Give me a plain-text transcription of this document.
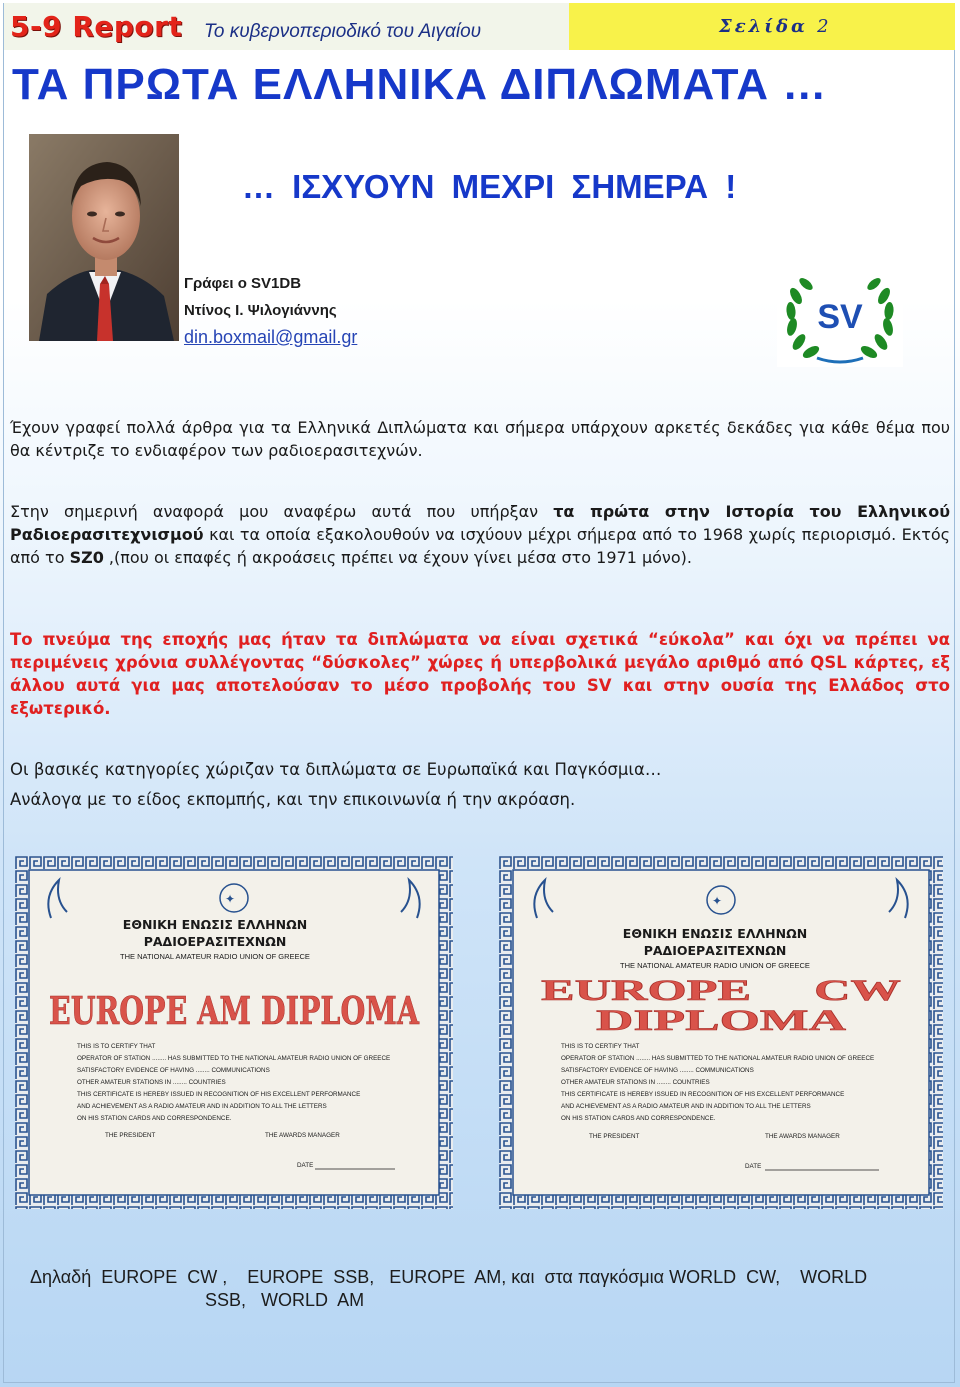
5-9 Report Το κυβερνοπεριοδικό του Αιγαίου	Σελίδα 2
ΤΑ ΠΡΩΤΑ ΕΛΛΗΝΙΚΑ ΔΙΠΛΩΜΑΤΑ …
… ΙΣΧΥΟΥΝ ΜΕΧΡΙ ΣΗΜΕΡΑ !
Γράφει ο SV1DB
Ντίνος Ι. Ψιλογιάννης
din.boxmail@gmail.gr
SV
Έχουν γραφεί πολλά άρθρα για τα Ελληνικά Διπλώματα και σήμερα υπάρχουν αρκετές δεκάδες για κάθε θέμα που θα κέντριζε το ενδιαφέρον των ραδιοερασιτεχνών.
Στην σημερινή αναφορά μου αναφέρω αυτά που υπήρξαν τα πρώτα στην Ιστορία του Ελληνικού Ραδιοερασιτεχνισμού και τα οποία εξακολουθούν να ισχύουν μέχρι σήμερα από το 1968 χωρίς περιορισμό. Εκτός από το SZ0 ,(που οι επαφές ή ακροάσεις πρέπει να έχουν γίνει μέσα στο 1971 μόνο).
Το πνεύμα της εποχής μας ήταν τα διπλώματα να είναι σχετικά “εύκολα” και όχι να πρέπει να περιμένεις χρόνια συλλέγοντας “δύσκολες” χώρες ή υπερβολικά μεγάλο αριθμό από QSL κάρτες, εξ άλλου αυτά για μας αποτελούσαν το μέσο προβολής του SV και στην ουσία της Ελλάδος στο εξωτερικό.
Οι βασικές κατηγορίες χώριζαν τα διπλώματα σε Ευρωπαϊκά και Παγκόσμια…
Ανάλογα με το είδος εκπομπής, και την επικοινωνία ή την ακρόαση.
✦
ΕΘΝΙΚΗ ΕΝΩΣΙΣ ΕΛΛΗΝΩΝ
ΡΑΔΙΟΕΡΑΣΙΤΕΧΝΩΝ
THE NATIONAL AMATEUR RADIO UNION OF GREECE
EUROPE AM DIPLOMA
THIS IS TO CERTIFY THAT
OPERATOR OF STATION ........ HAS SUBMITTED TO THE NATIONAL AMATEUR RADIO UNION OF GREECE
SATISFACTORY EVIDENCE OF HAVING ........ COMMUNICATIONS
OTHER AMATEUR STATIONS IN ........ COUNTRIES
THIS CERTIFICATE IS HEREBY ISSUED IN RECOGNITION OF HIS EXCELLENT PERFORMANCE
AND ACHIEVEMENT AS A RADIO AMATEUR AND IN ADDITION TO ALL THE LETTERS
ON HIS STATION CARDS AND CORRESPONDENCE.
THE PRESIDENT	THE AWARDS MANAGER
DATE
✦
ΕΘΝΙΚΗ ΕΝΩΣΙΣ ΕΛΛΗΝΩΝ
ΡΑΔΙΟΕΡΑΣΙΤΕΧΝΩΝ
THE NATIONAL AMATEUR RADIO UNION OF GREECE
EUROPE     CW
DIPLOMA
THIS IS TO CERTIFY THAT
OPERATOR OF STATION ........ HAS SUBMITTED TO THE NATIONAL AMATEUR RADIO UNION OF GREECE
SATISFACTORY EVIDENCE OF HAVING ........ COMMUNICATIONS
OTHER AMATEUR STATIONS IN ........ COUNTRIES
THIS CERTIFICATE IS HEREBY ISSUED IN RECOGNITION OF HIS EXCELLENT PERFORMANCE
AND ACHIEVEMENT AS A RADIO AMATEUR AND IN ADDITION TO ALL THE LETTERS
ON HIS STATION CARDS AND CORRESPONDENCE.
THE PRESIDENT	THE AWARDS MANAGER
DATE
Δηλαδή  EUROPE  CW ,    EUROPE  SSB,   EUROPE  AM, και  στα παγκόσμια WORLD  CW,    WORLD
SSB,   WORLD  AM
